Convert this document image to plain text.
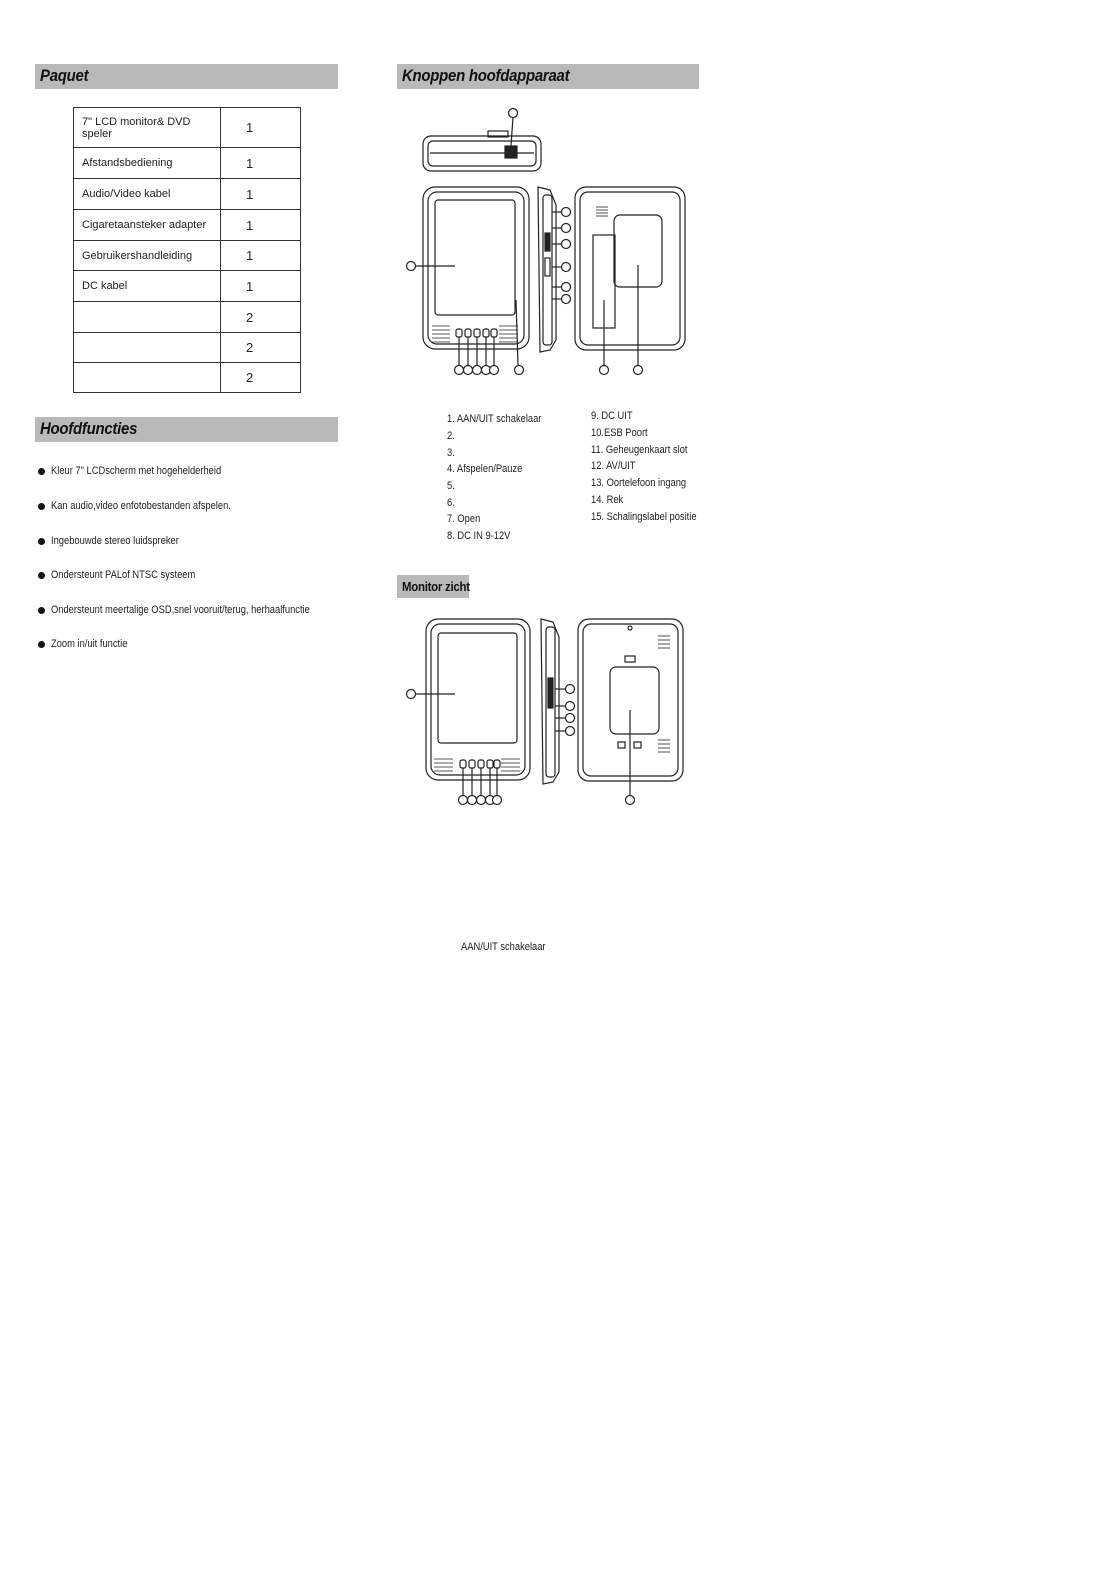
Paquet	Knoppen hoofdapparaat
Hoofdfuncties
Monitor zicht
7" LCD monitor& DVD speler	1
Afstandsbediening	1
Audio/Video kabel	1
Cigaretaansteker adapter	1
Gebruikershandleiding	1
DC kabel	1
	2
	2
	2
Kleur 7" LCDscherm met hogehelderheid
Kan audio,video enfotobestanden afspelen.
Ingebouwde stereo luidspreker
Ondersteunt PALof NTSC systeem
Ondersteunt meertalige OSD,snel vooruit/terug, herhaalfunctie
Zoom in/uit functie
1. AAN/UIT schakelaar
2.
3.
4. Afspelen/Pauze
5.
6.
7. Open
8. DC IN 9-12V
9. DC UIT
10.ESB Poort
11. Geheugenkaart slot
12. AV/UIT
13. Oortelefoon ingang
14. Rek
15. Schalingslabel positie
AAN/UIT schakelaar
